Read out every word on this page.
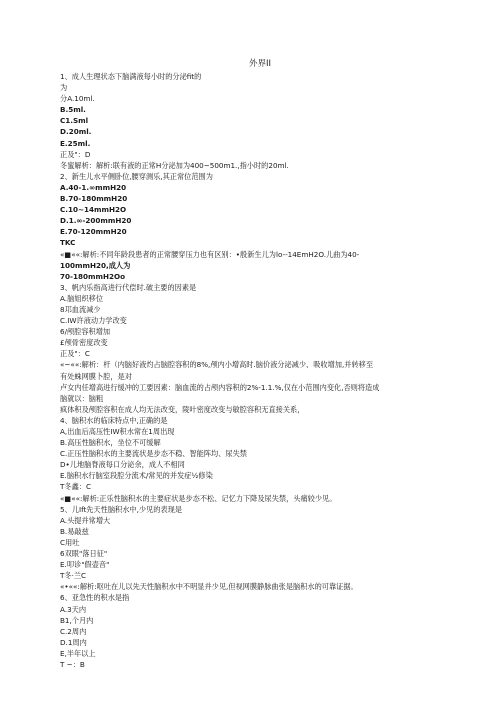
外界II
1、成人生理状态下脑满液每小时的分泌fit的
为
分A.10ml.
B.5ml.
C1.Sml
D.20ml.
E.25ml.
正及"：D
冬蜜解析：解析:联有液的正常H分泌加为400~500m1.,指小时的20ml.
2、新生儿水平侧卧位,腰穿测乐,其正常位范围为
A.40-1.∞mmH20
B.70-180mmH20
C.10~14mmH2O
D.1.∞-200mmH20
E.70-120mmH20
TKC
«■««:解析:不同年龄段患者的正常腰穿压力也有区别：•殷新生儿为lo--14EmH2O.儿曲为40-
100mmH20,成人为
70-180mmH2Oo
3、帆内乐指高进行代偿时.破主要的因素是
A.脑姐织移位
8邛血流减少
C.IW许液动力学改变
6/颅腔容积增加
£颅骨密度改变
正及"：C
«~««:解析：杆（内脑好液灼占脑腔容积的8%,颅内小增高时.脑价液分泌减少、吸收增加,并转移至
有处蛛网膜卜腔，是对
卢女内任增高进行缓冲的工要因素：脑血流的占颅内容积的2%-1.1.%,仅在小范围内变化,否则将造成
脑就以：脑粗
疯体积及颅腔容积在成人均无法改变，陵叶密度改变与敏腔容积无直接关系，
4、脑积水的临床特点中,正确的是
A,出血后高压性IW积水常在1周出现
B.高压性脑积水，坐位不可缓解
C.正压性脑积水的主要流状是步态不稳、智能阵均、尿失禁
D•儿地脑脊液每口分泌余，成人不相同
E.脑积水行脑室段腔分流术/常见的并发症½修染
T冬鑫：C
«■««:解析:正乐性脑积水的主要症状是步态不松、记忆力下降及尿失禁，头痛较少见。
5、儿Ift先天性脑积水中,少见的表现是
A.头提并常增大
B.易敲兹
C用吐
6双眼"落日征"
E.叩诊"假壶音"
T冬·兰C
«•««:解析:呕吐在儿以先天性脑积水中不明显并少见,但视网膜静脉曲张是脑积水的可靠证据。
6、亚急性的积水是指
A.3天内
B1,个月内
C.2周内
D.1周内
E,半年以上
T ~：B
